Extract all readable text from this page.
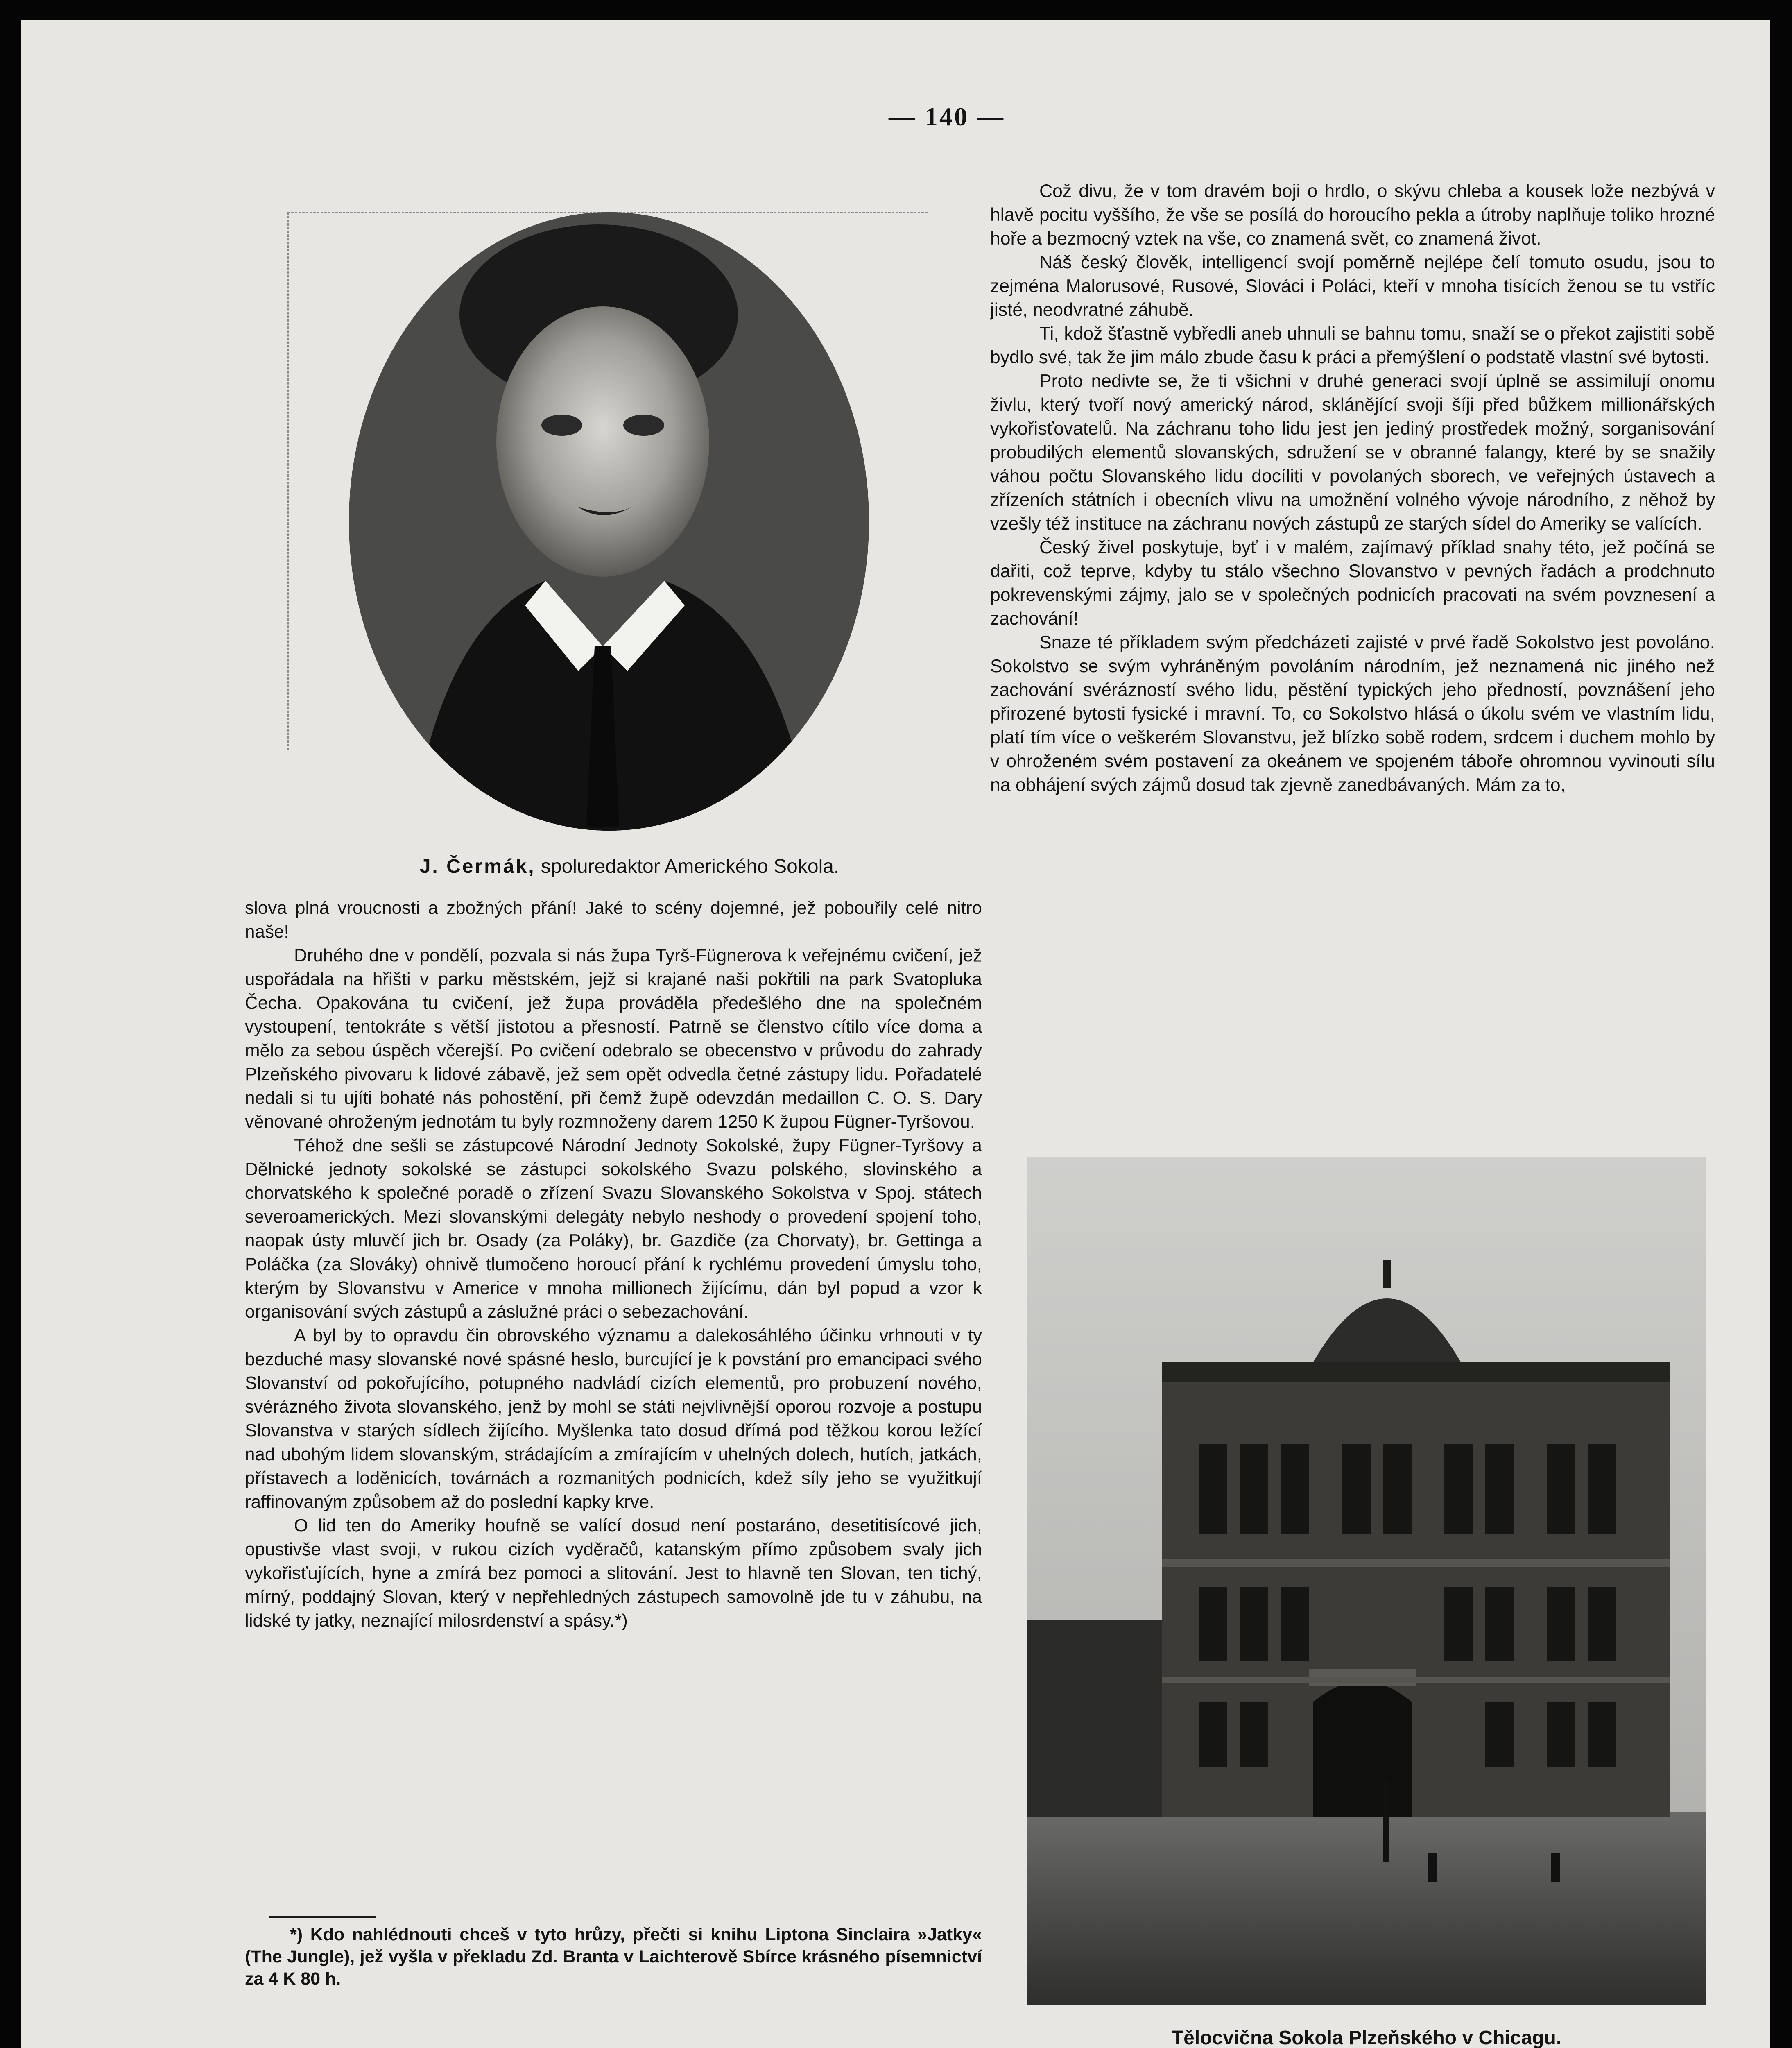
— 140 —
J. Čermák, spoluredaktor Amerického Sokola.

slova plná vroucnosti a zbožných přání! Jaké to scény dojemné, jež pobouřily celé nitro naše!

Druhého dne v pondělí, pozvala si nás župa Tyrš-Fügnerova k veřejnému cvičení, jež uspořádala na hřišti v parku městském, jejž si krajané naši pokřtili na park Svatopluka Čecha. Opakována tu cvičení, jež župa prováděla předešlého dne na společném vystoupení, tentokráte s větší jistotou a přesností. Patrně se členstvo cítilo více doma a mělo za sebou úspěch včerejší. Po cvičení odebralo se obecenstvo v průvodu do zahrady Plzeňského pivovaru k lidové zábavě, jež sem opět odvedla četné zástupy lidu. Pořadatelé nedali si tu ujíti bohaté nás pohostění, při čemž župě odevzdán medaillon C. O. S. Dary věnované ohroženým jednotám tu byly rozmnoženy darem 1250 K župou Fügner-Tyršovou.

Téhož dne sešli se zástupcové Národní Jednoty Sokolské, župy Fügner-Tyršovy a Dělnické jednoty sokolské se zástupci sokolského Svazu polského, slovinského a chorvatského k společné poradě o zřízení Svazu Slovanského Sokolstva v Spoj. státech severoamerických. Mezi slovanskými delegáty nebylo neshody o provedení spojení toho, naopak ústy mluvčí jich br. Osady (za Poláky), br. Gazdiče (za Chorvaty), br. Gettinga a Poláčka (za Slováky) ohnivě tlumočeno horoucí přání k rychlému provedení úmyslu toho, kterým by Slovanstvu v Americe v mnoha millionech žijícímu, dán byl popud a vzor k organisování svých zástupů a záslužné práci o sebezachování.

A byl by to opravdu čin obrovského významu a dalekosáhlého účinku vrhnouti v ty bezduché masy slovanské nové spásné heslo, burcující je k povstání pro emancipaci svého Slovanství od pokořujícího, potupného nadvládí cizích elementů, pro probuzení nového, svérázného života slovanského, jenž by mohl se státi nejvlivnější oporou rozvoje a postupu Slovanstva v starých sídlech žijícího. Myšlenka tato dosud dřímá pod těžkou korou ležící nad ubohým lidem slovanským, strádajícím a zmírajícím v uhelných dolech, hutích, jatkách, přístavech a loděnicích, továrnách a rozmanitých podnicích, kdež síly jeho se využitkují raffinovaným způsobem až do poslední kapky krve.

O lid ten do Ameriky houfně se valící dosud není postaráno, desetitisícové jich, opustivše vlast svoji, v rukou cizích vyděračů, katanským přímo způsobem svaly jich vykořisťujících, hyne a zmírá bez pomoci a slitování. Jest to hlavně ten Slovan, ten tichý, mírný, poddajný Slovan, který v nepřehledných zástupech samovolně jde tu v záhubu, na lidské ty jatky, neznající milosrdenství a spásy.*)

*) Kdo nahlédnouti chceš v tyto hrůzy, přečti si knihu Liptona Sinclaira »Jatky« (The Jungle), jež vyšla v překladu Zd. Branta v Laichterově Sbírce krásného písemnictví za 4 K 80 h.

Což divu, že v tom dravém boji o hrdlo, o skývu chleba a kousek lože nezbývá v hlavě pocitu vyššího, že vše se posílá do horoucího pekla a útroby naplňuje toliko hrozné hoře a bezmocný vztek na vše, co znamená svět, co znamená život.

Náš český člověk, intelligencí svojí poměrně nejlépe čelí tomuto osudu, jsou to zejména Malorusové, Rusové, Slováci i Poláci, kteří v mnoha tisících ženou se tu vstříc jisté, neodvratné záhubě.

Ti, kdož šťastně vybředli aneb uhnuli se bahnu tomu, snaží se o překot zajistiti sobě bydlo své, tak že jim málo zbude času k práci a přemýšlení o podstatě vlastní své bytosti.

Proto nedivte se, že ti všichni v druhé generaci svojí úplně se assimilují onomu živlu, který tvoří nový americký národ, sklánějící svoji šíji před bůžkem millionářských vykořisťovatelů. Na záchranu toho lidu jest jen jediný prostředek možný, sorganisování probudilých elementů slovanských, sdružení se v obranné falangy, které by se snažily váhou počtu Slovanského lidu docíliti v povolaných sborech, ve veřejných ústavech a zřízeních státních i obecních vlivu na umožnění volného vývoje národního, z něhož by vzešly též instituce na záchranu nových zástupů ze starých sídel do Ameriky se valících.

Český živel poskytuje, byť i v malém, zajímavý příklad snahy této, jež počíná se dařiti, což teprve, kdyby tu stálo všechno Slovanstvo v pevných řadách a prodchnuto pokrevenskými zájmy, jalo se v společných podnicích pracovati na svém povznesení a zachování!

Snaze té příkladem svým předcházeti zajisté v prvé řadě Sokolstvo jest povoláno. Sokolstvo se svým vyhráněným povoláním národním, jež neznamená nic jiného než zachování svérázností svého lidu, pěstění typických jeho předností, povznášení jeho přirozené bytosti fysické i mravní. To, co Sokolstvo hlásá o úkolu svém ve vlastním lidu, platí tím více o veškerém Slovanstvu, jež blízko sobě rodem, srdcem i duchem mohlo by v ohroženém svém postavení za okeánem ve spojeném táboře ohromnou vyvinouti sílu na obhájení svých zájmů dosud tak zjevně zanedbávaných. Mám za to,

Tělocvična Sokola Plzeňského v Chicagu.
